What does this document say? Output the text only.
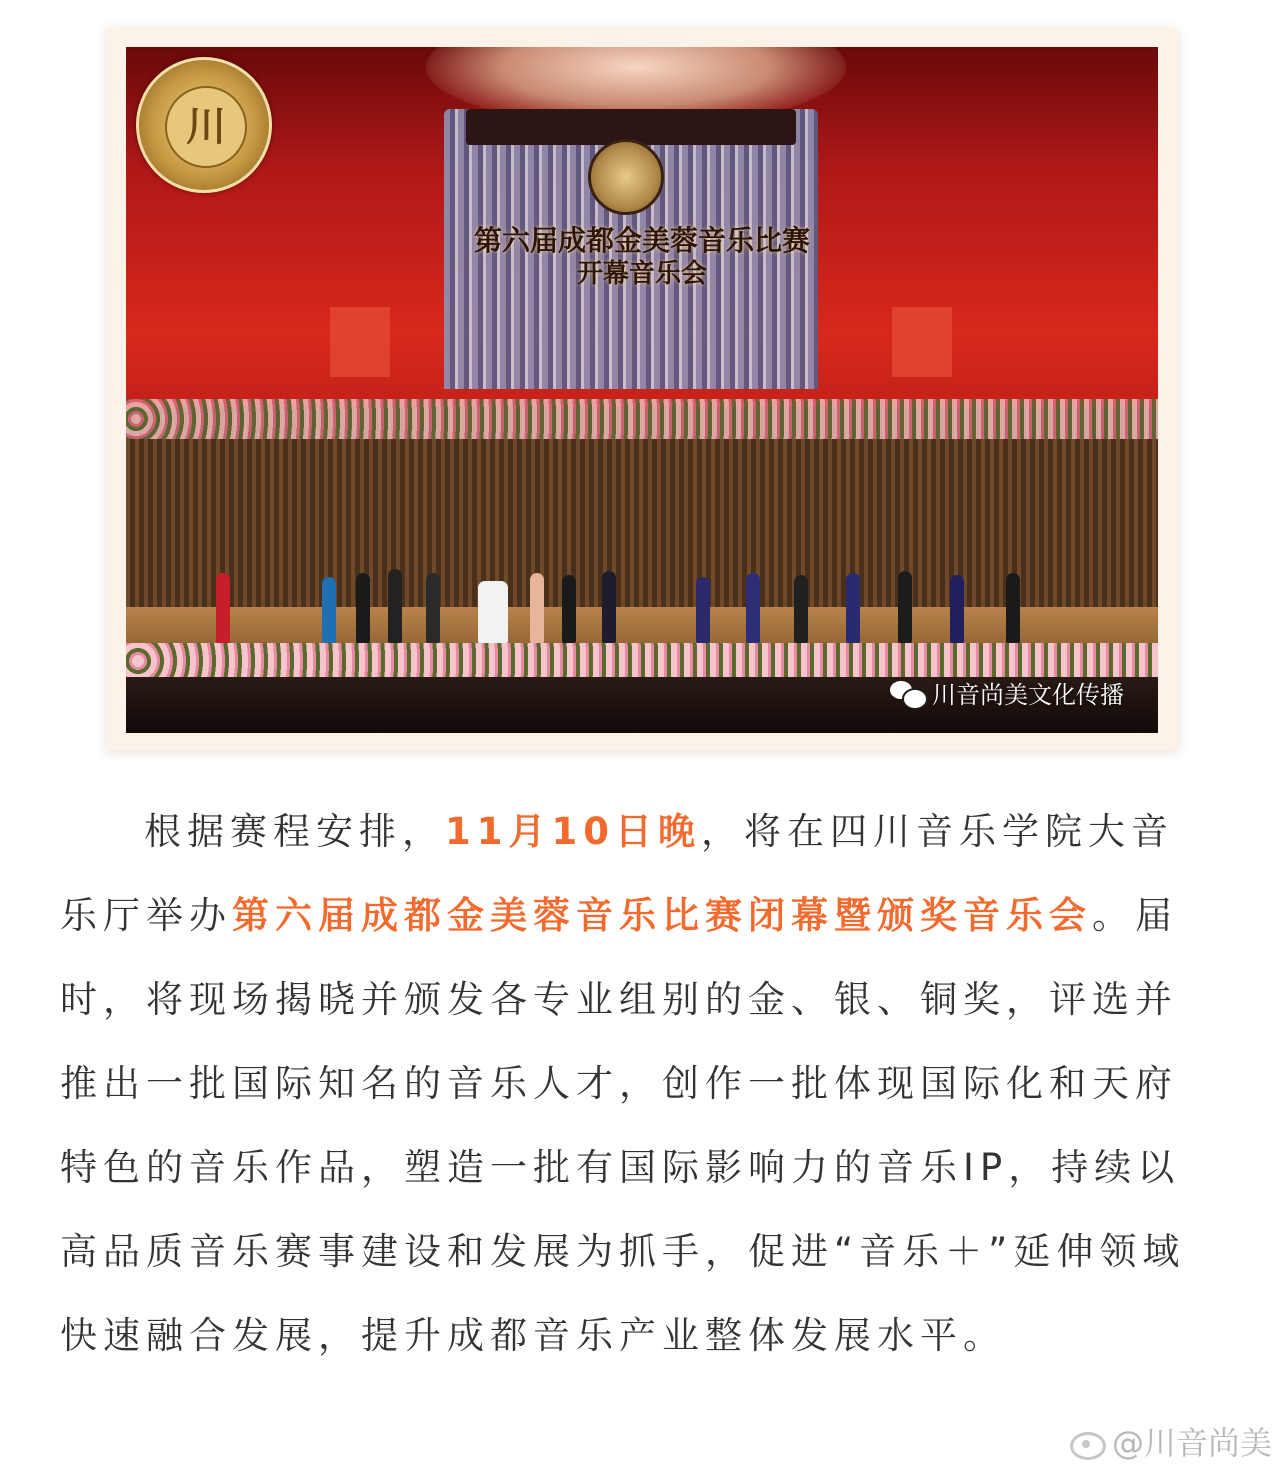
第六届成都金美蓉音乐比赛
开幕音乐会
川
川音尚美文化传播

根据赛程安排，11月10日晚，将在四川音乐学院大音乐厅举办第六届成都金美蓉音乐比赛闭幕暨颁奖音乐会。届时，将现场揭晓并颁发各专业组别的金、银、铜奖，评选并推出一批国际知名的音乐人才，创作一批体现国际化和天府特色的音乐作品，塑造一批有国际影响力的音乐IP，持续以高品质音乐赛事建设和发展为抓手，促进“音乐＋”延伸领域快速融合发展，提升成都音乐产业整体发展水平。

@川音尚美
